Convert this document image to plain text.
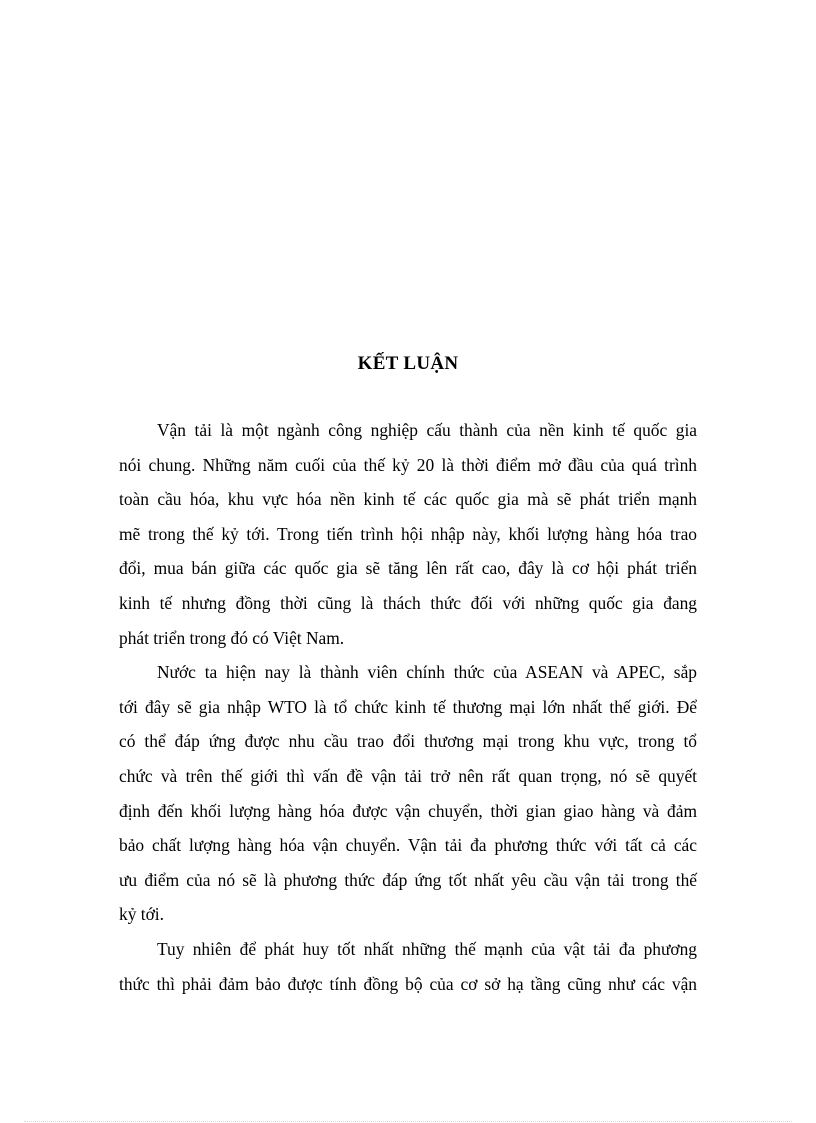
KẾT LUẬN

Vận tải là một ngành công nghiệp cấu thành của nền kinh tế quốc gia
nói chung. Những năm cuối của thế kỷ 20 là thời điểm mở đầu của quá trình
toàn cầu hóa, khu vực hóa nền kinh tế các quốc gia mà sẽ phát triển mạnh
mẽ trong thế kỷ tới. Trong tiến trình hội nhập này, khối lượng hàng hóa trao
đổi, mua bán giữa các quốc gia sẽ tăng lên rất cao, đây là cơ hội phát triển
kinh tế nhưng đồng thời cũng là thách thức đối với những quốc gia đang
phát triển trong đó có Việt Nam.

Nước ta hiện nay là thành viên chính thức của ASEAN và APEC, sắp
tới đây sẽ gia nhập WTO là tổ chức kinh tế thương mại lớn nhất thế giới. Để
có thể đáp ứng được nhu cầu trao đổi thương mại trong khu vực, trong tổ
chức và trên thế giới thì vấn đề vận tải trở nên rất quan trọng, nó sẽ quyết
định đến khối lượng hàng hóa được vận chuyển, thời gian giao hàng và đảm
bảo chất lượng hàng hóa vận chuyển. Vận tải đa phương thức với tất cả các
ưu điểm của nó sẽ là phương thức đáp ứng tốt nhất yêu cầu vận tải trong thế
kỷ tới.

Tuy nhiên để phát huy tốt nhất những thế mạnh của vật tải đa phương
thức thì phải đảm bảo được tính đồng bộ của cơ sở hạ tầng cũng như các vận
